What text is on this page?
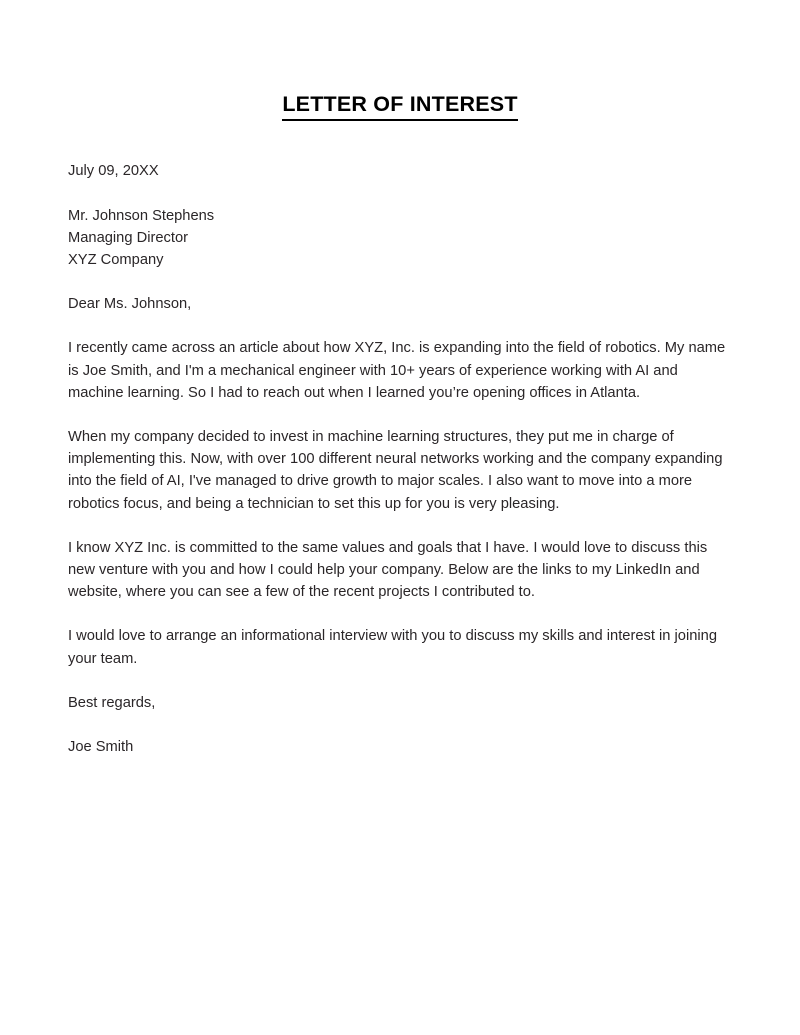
LETTER OF INTEREST

July 09, 20XX

Mr. Johnson Stephens
Managing Director
XYZ Company

Dear Ms. Johnson,

I recently came across an article about how XYZ, Inc. is expanding into the field of robotics. My name is Joe Smith, and I'm a mechanical engineer with 10+ years of experience working with AI and machine learning. So I had to reach out when I learned you’re opening offices in Atlanta.

When my company decided to invest in machine learning structures, they put me in charge of implementing this. Now, with over 100 different neural networks working and the company expanding into the field of AI, I've managed to drive growth to major scales. I also want to move into a more robotics focus, and being a technician to set this up for you is very pleasing.

I know XYZ Inc. is committed to the same values and goals that I have. I would love to discuss this new venture with you and how I could help your company. Below are the links to my LinkedIn and website, where you can see a few of the recent projects I contributed to.

I would love to arrange an informational interview with you to discuss my skills and interest in joining your team.

Best regards,

Joe Smith
